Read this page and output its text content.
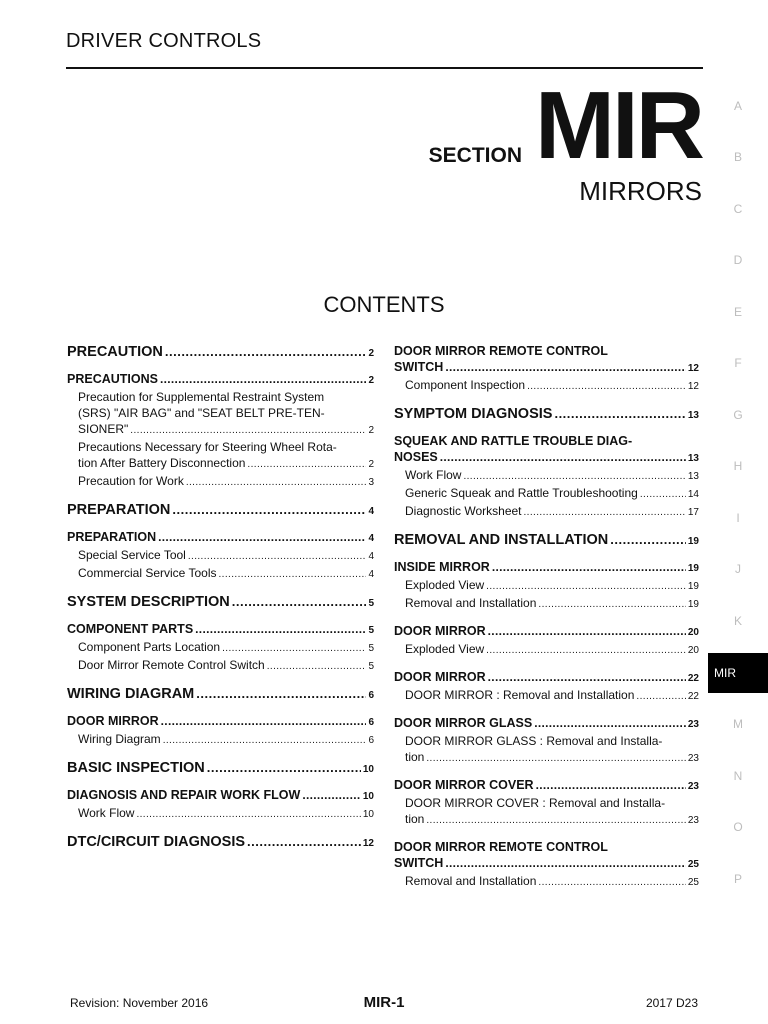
DRIVER CONTROLS
SECTION MIR
MIRRORS
CONTENTS
PRECAUTION .....	2
PRECAUTIONS .....	2
Precaution for Supplemental Restraint System
(SRS) "AIR BAG" and "SEAT BELT PRE-TEN-
SIONER" .....	2
Precautions Necessary for Steering Wheel Rota-
tion After Battery Disconnection .....	2
Precaution for Work .....	3
PREPARATION .....	4
PREPARATION .....	4
Special Service Tool .....	4
Commercial Service Tools .....	4
SYSTEM DESCRIPTION .....	5
COMPONENT PARTS .....	5
Component Parts Location .....	5
Door Mirror Remote Control Switch .....	5
WIRING DIAGRAM .....	6
DOOR MIRROR .....	6
Wiring Diagram .....	6
BASIC INSPECTION .....	10
DIAGNOSIS AND REPAIR WORK FLOW .....	10
Work Flow .....	10
DTC/CIRCUIT DIAGNOSIS .....	12
DOOR MIRROR REMOTE CONTROL
SWITCH .....	12
Component Inspection .....	12
SYMPTOM DIAGNOSIS .....	13
SQUEAK AND RATTLE TROUBLE DIAG-
NOSES .....	13
Work Flow .....	13
Generic Squeak and Rattle Troubleshooting .....	14
Diagnostic Worksheet .....	17
REMOVAL AND INSTALLATION .....	19
INSIDE MIRROR .....	19
Exploded View .....	19
Removal and Installation .....	19
DOOR MIRROR .....	20
Exploded View .....	20
DOOR MIRROR .....	22
DOOR MIRROR : Removal and Installation .....	22
DOOR MIRROR GLASS .....	23
DOOR MIRROR GLASS : Removal and Installa-
tion .....	23
DOOR MIRROR COVER .....	23
DOOR MIRROR COVER : Removal and Installa-
tion .....	23
DOOR MIRROR REMOTE CONTROL
SWITCH .....	25
Removal and Installation .....	25
A
B
C
D
E
F
G
H
I
J
K
MIR
M
N
O
P
Revision: November 2016	MIR-1	2017 D23
